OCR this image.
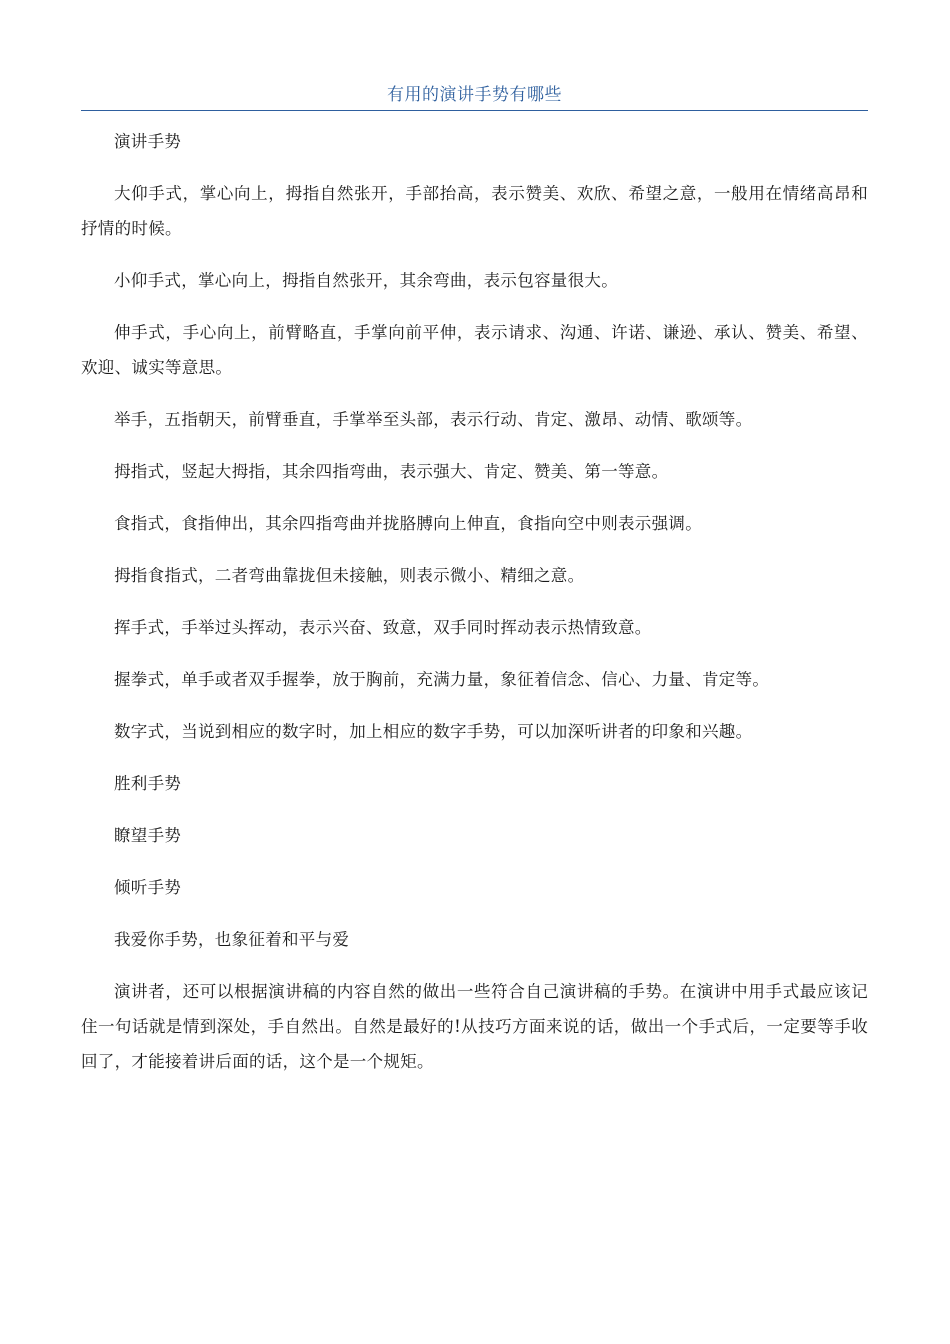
有用的演讲手势有哪些

演讲手势

大仰手式，掌心向上，拇指自然张开，手部抬高，表示赞美、欢欣、希望之意，一般用在情绪高昂和抒情的时候。

小仰手式，掌心向上，拇指自然张开，其余弯曲，表示包容量很大。

伸手式，手心向上，前臂略直，手掌向前平伸，表示请求、沟通、许诺、谦逊、承认、赞美、希望、欢迎、诚实等意思。

举手，五指朝天，前臂垂直，手掌举至头部，表示行动、肯定、激昂、动情、歌颂等。

拇指式，竖起大拇指，其余四指弯曲，表示强大、肯定、赞美、第一等意。

食指式，食指伸出，其余四指弯曲并拢胳膊向上伸直，食指向空中则表示强调。

拇指食指式，二者弯曲靠拢但未接触，则表示微小、精细之意。

挥手式，手举过头挥动，表示兴奋、致意，双手同时挥动表示热情致意。

握拳式，单手或者双手握拳，放于胸前，充满力量，象征着信念、信心、力量、肯定等。

数字式，当说到相应的数字时，加上相应的数字手势，可以加深听讲者的印象和兴趣。

胜利手势

瞭望手势

倾听手势

我爱你手势，也象征着和平与爱

演讲者，还可以根据演讲稿的内容自然的做出一些符合自己演讲稿的手势。在演讲中用手式最应该记住一句话就是情到深处，手自然出。自然是最好的!从技巧方面来说的话，做出一个手式后，一定要等手收回了，才能接着讲后面的话，这个是一个规矩。
